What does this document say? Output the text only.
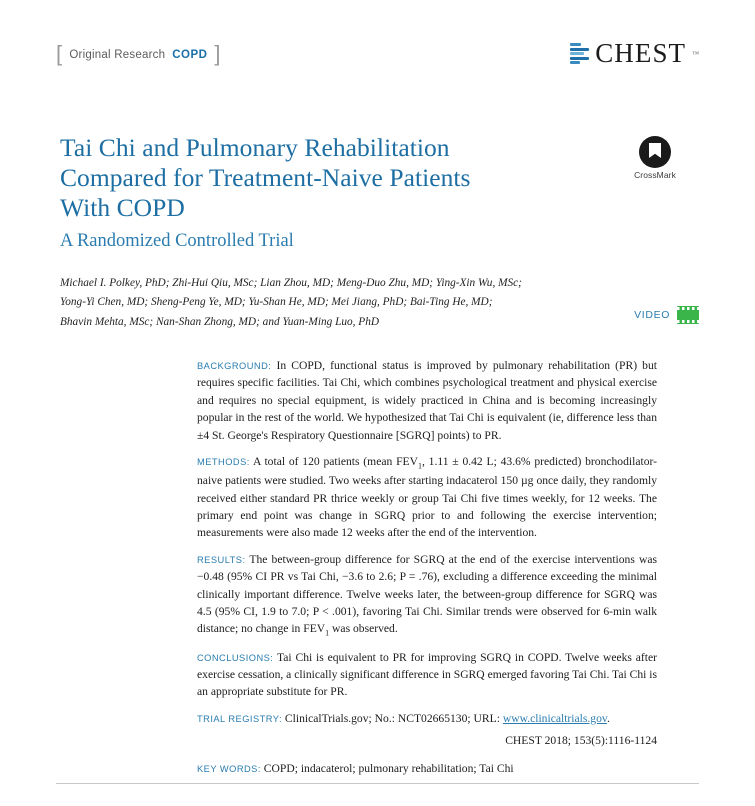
[ Original Research COPD ]	CHEST ™
Tai Chi and Pulmonary Rehabilitation
Compared for Treatment-Naive Patients
With COPD

A Randomized Controlled Trial

CrossMark
Michael I. Polkey, PhD; Zhi-Hui Qiu, MSc; Lian Zhou, MD; Meng-Duo Zhu, MD; Ying-Xin Wu, MSc;
Yong-Yi Chen, MD; Sheng-Peng Ye, MD; Yu-Shan He, MD; Mei Jiang, PhD; Bai-Ting He, MD;
Bhavin Mehta, MSc; Nan-Shan Zhong, MD; and Yuan-Ming Luo, PhD
VIDEO

BACKGROUND: In COPD, functional status is improved by pulmonary rehabilitation (PR) but requires specific facilities. Tai Chi, which combines psychological treatment and physical exercise and requires no special equipment, is widely practiced in China and is becoming increasingly popular in the rest of the world. We hypothesized that Tai Chi is equivalent (ie, difference less than ±4 St. George's Respiratory Questionnaire [SGRQ] points) to PR.

METHODS: A total of 120 patients (mean $FEV_1$, 1.11 ± 0.42 L; 43.6% predicted) bronchodilator-naive patients were studied. Two weeks after starting indacaterol 150 µg once daily, they randomly received either standard PR thrice weekly or group Tai Chi five times weekly, for 12 weeks. The primary end point was change in SGRQ prior to and following the exercise intervention; measurements were also made 12 weeks after the end of the intervention.

RESULTS: The between-group difference for SGRQ at the end of the exercise interventions was −0.48 (95% CI PR vs Tai Chi, −3.6 to 2.6; P = .76), excluding a difference exceeding the minimal clinically important difference. Twelve weeks later, the between-group difference for SGRQ was 4.5 (95% CI, 1.9 to 7.0; P < .001), favoring Tai Chi. Similar trends were observed for 6-min walk distance; no change in $FEV_1$ was observed.

CONCLUSIONS: Tai Chi is equivalent to PR for improving SGRQ in COPD. Twelve weeks after exercise cessation, a clinically significant difference in SGRQ emerged favoring Tai Chi. Tai Chi is an appropriate substitute for PR.

TRIAL REGISTRY: ClinicalTrials.gov; No.: NCT02665130; URL: www.clinicaltrials.gov.

CHEST 2018; 153(5):1116-1124

KEY WORDS: COPD; indacaterol; pulmonary rehabilitation; Tai Chi
